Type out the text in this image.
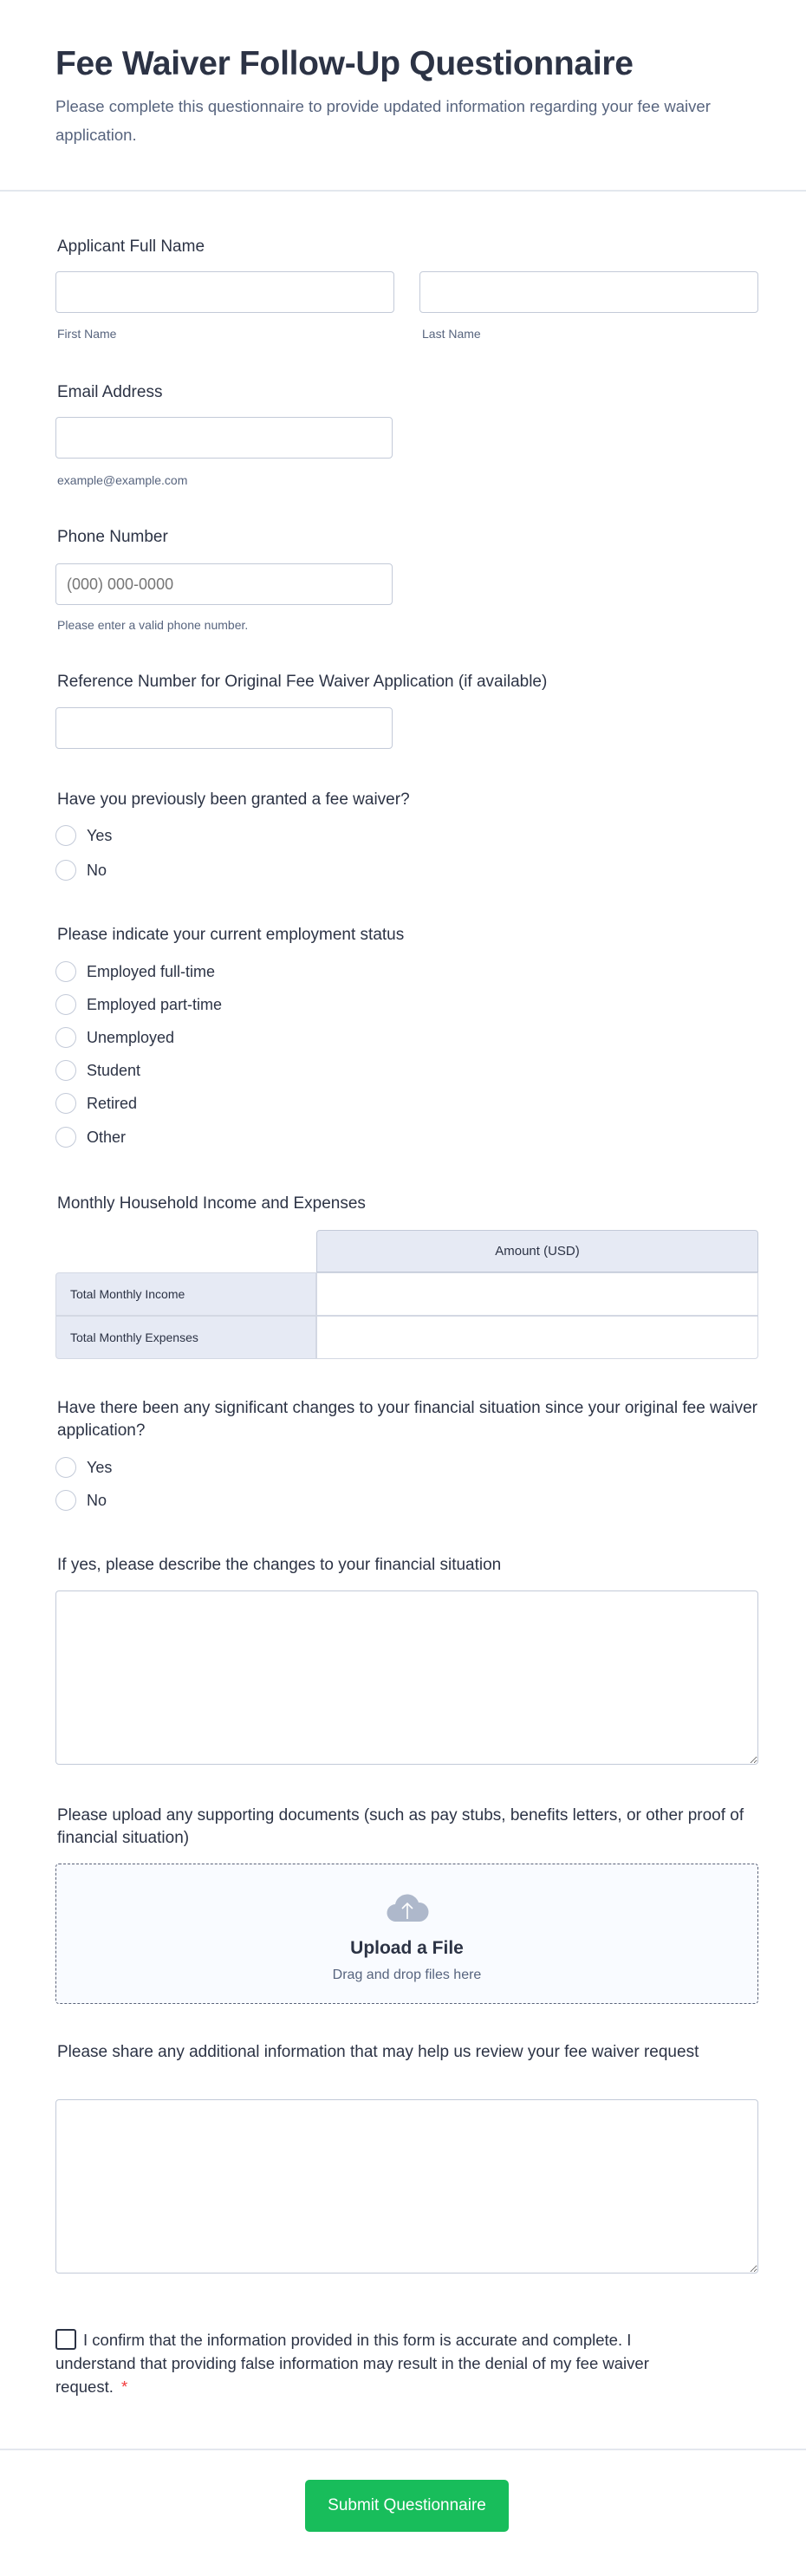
Fee Waiver Follow-Up Questionnaire

Please complete this questionnaire to provide updated information regarding your fee waiver application.

Applicant Full Name
First Name	Last Name
Email Address
example@example.com
Phone Number
(000) 000-0000
Please enter a valid phone number.
Reference Number for Original Fee Waiver Application (if available)
Have you previously been granted a fee waiver?
Yes
No
Please indicate your current employment status
Employed full-time
Employed part-time
Unemployed
Student
Retired
Other
Monthly Household Income and Expenses
Amount (USD)
Total Monthly Income
Total Monthly Expenses
Have there been any significant changes to your financial situation since your original fee waiver application?
Yes
No
If yes, please describe the changes to your financial situation
Please upload any supporting documents (such as pay stubs, benefits letters, or other proof of financial situation)
Upload a File
Drag and drop files here
Please share any additional information that may help us review your fee waiver request
I confirm that the information provided in this form is accurate and complete. I understand that providing false information may result in the denial of my fee waiver request. *
Submit Questionnaire
